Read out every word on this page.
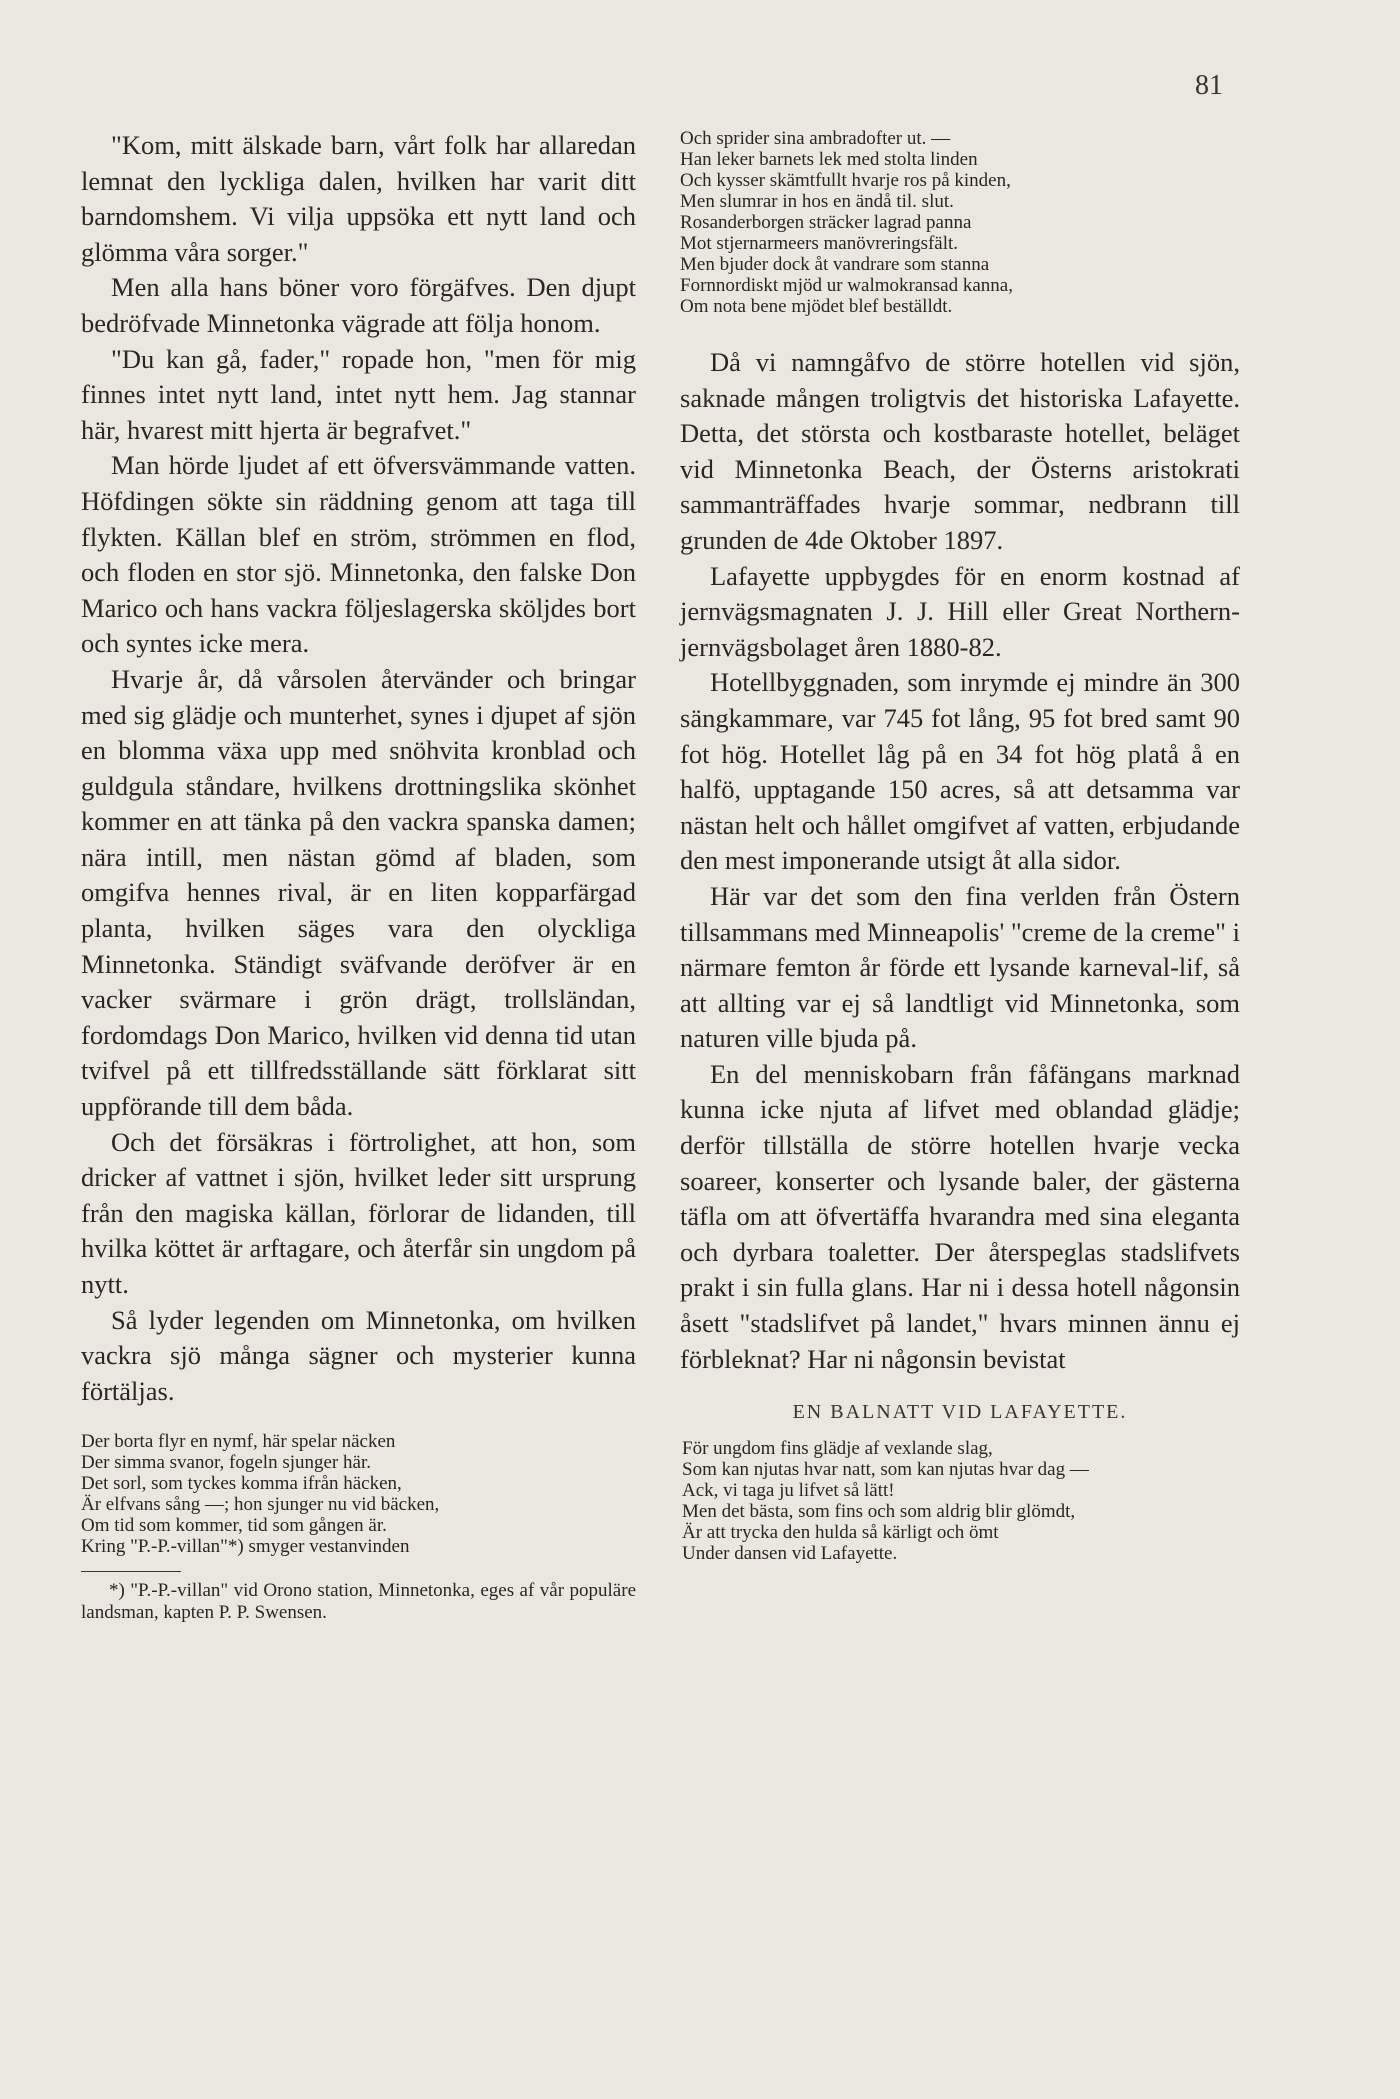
81
"Kom, mitt älskade barn, vårt folk har allaredan lemnat den lyckliga dalen, hvilken har varit ditt barndomshem. Vi vilja uppsöka ett nytt land och glömma våra sorger."
Men alla hans böner voro förgäfves. Den djupt bedröfvade Minnetonka vägrade att följa honom.
"Du kan gå, fader," ropade hon, "men för mig finnes intet nytt land, intet nytt hem. Jag stannar här, hvarest mitt hjerta är begrafvet."
Man hörde ljudet af ett öfversvämmande vatten. Höfdingen sökte sin räddning genom att taga till flykten. Källan blef en ström, strömmen en flod, och floden en stor sjö. Minnetonka, den falske Don Marico och hans vackra följeslagerska sköljdes bort och syntes icke mera.
Hvarje år, då vårsolen återvänder och bringar med sig glädje och munterhet, synes i djupet af sjön en blomma växa upp med snöhvita kronblad och guldgula ståndare, hvilkens drottningslika skönhet kommer en att tänka på den vackra spanska damen; nära intill, men nästan gömd af bladen, som omgifva hennes rival, är en liten kopparfärgad planta, hvilken säges vara den olyckliga Minnetonka. Ständigt sväfvande deröfver är en vacker svärmare i grön drägt, trollsländan, fordomdags Don Marico, hvilken vid denna tid utan tvifvel på ett tillfredsställande sätt förklarat sitt uppförande till dem båda.
Och det försäkras i förtrolighet, att hon, som dricker af vattnet i sjön, hvilket leder sitt ursprung från den magiska källan, förlorar de lidanden, till hvilka köttet är arftagare, och återfår sin ungdom på nytt.
Så lyder legenden om Minnetonka, om hvilken vackra sjö många sägner och mysterier kunna förtäljas.

Der borta flyr en nymf, här spelar näcken
Der simma svanor, fogeln sjunger här.
Det sorl, som tyckes komma ifrån häcken,
Är elfvans sång —; hon sjunger nu vid bäcken,
Om tid som kommer, tid som gången är.
Kring "P.-P.-villan"*) smyger vestanvinden

*) "P.-P.-villan" vid Orono station, Minnetonka, eges af vår populäre landsman, kapten P. P. Swensen.

Och sprider sina ambradofter ut. —
Han leker barnets lek med stolta linden
Och kysser skämtfullt hvarje ros på kinden,
Men slumrar in hos en ändå til. slut.
Rosanderborgen sträcker lagrad panna
Mot stjernarmeers manövreringsfält.
Men bjuder dock åt vandrare som stanna
Fornnordiskt mjöd ur walmokransad kanna,
Om nota bene mjödet blef beställdt.

Då vi namngåfvo de större hotellen vid sjön, saknade mången troligtvis det historiska Lafayette. Detta, det största och kostbaraste hotellet, beläget vid Minnetonka Beach, der Österns aristokrati sammanträffades hvarje sommar, nedbrann till grunden de 4de Oktober 1897.
Lafayette uppbygdes för en enorm kostnad af jernvägsmagnaten J. J. Hill eller Great Northern-jernvägsbolaget åren 1880-82.
Hotellbyggnaden, som inrymde ej mindre än 300 sängkammare, var 745 fot lång, 95 fot bred samt 90 fot hög. Hotellet låg på en 34 fot hög platå å en halfö, upptagande 150 acres, så att detsamma var nästan helt och hållet omgifvet af vatten, erbjudande den mest imponerande utsigt åt alla sidor.
Här var det som den fina verlden från Östern tillsammans med Minneapolis' "creme de la creme" i närmare femton år förde ett lysande karneval-lif, så att allting var ej så landtligt vid Minnetonka, som naturen ville bjuda på.
En del menniskobarn från fåfängans marknad kunna icke njuta af lifvet med oblandad glädje; derför tillställa de större hotellen hvarje vecka soareer, konserter och lysande baler, der gästerna täfla om att öfvertäffa hvarandra med sina eleganta och dyrbara toaletter. Der återspeglas stadslifvets prakt i sin fulla glans. Har ni i dessa hotell någonsin åsett "stadslifvet på landet," hvars minnen ännu ej förbleknat? Har ni någonsin bevistat
EN BALNATT VID LAFAYETTE.

För ungdom fins glädje af vexlande slag,
Som kan njutas hvar natt, som kan njutas hvar dag —
Ack, vi taga ju lifvet så lätt!
Men det bästa, som fins och som aldrig blir glömdt,
Är att trycka den hulda så kärligt och ömt
Under dansen vid Lafayette.
